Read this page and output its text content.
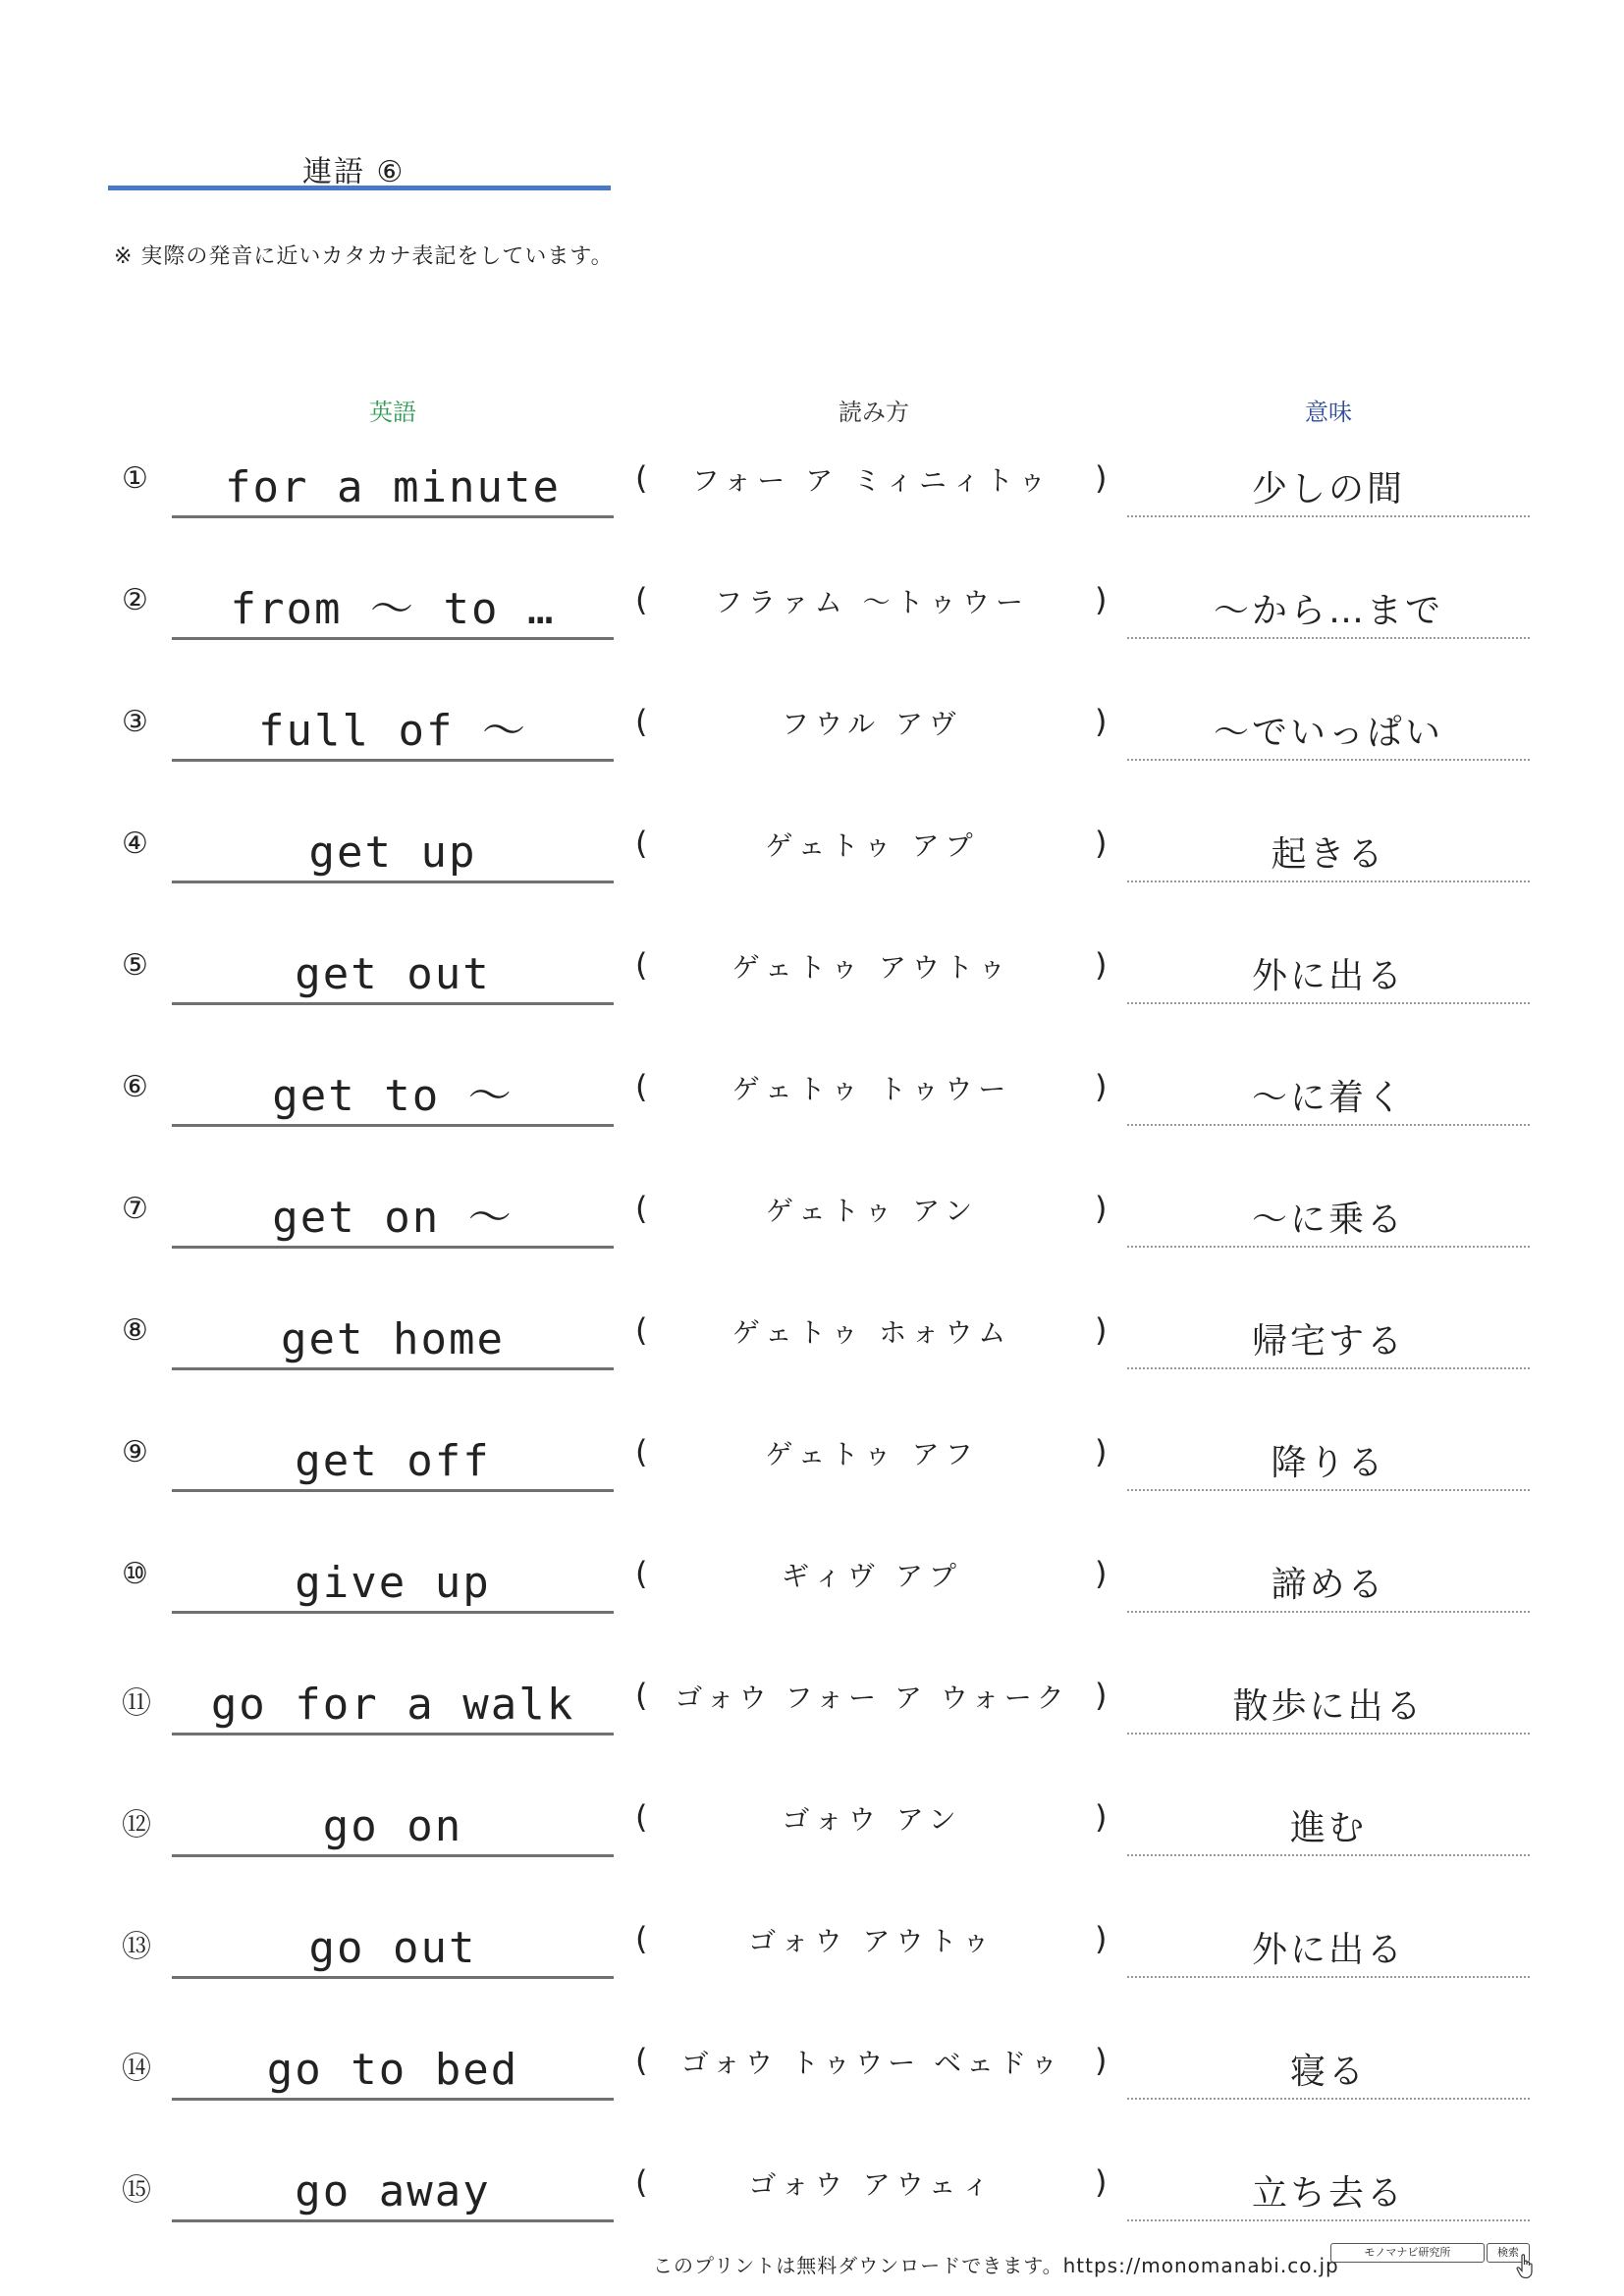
連語 ⑥
※ 実際の発音に近いカタカナ表記をしています。
英語	読み方	意味
①	for a minute	(	フォー ア ミィニィトゥ	)	少しの間
②	from ～ to …	(	フラァム ～トゥウー	)	～から…まで
③	full of ～	(	フウル アヴ	)	～でいっぱい
④	get up	(	ゲェトゥ アプ	)	起きる
⑤	get out	(	ゲェトゥ アウトゥ	)	外に出る
⑥	get to ～	(	ゲェトゥ トゥウー	)	～に着く
⑦	get on ～	(	ゲェトゥ アン	)	～に乗る
⑧	get home	(	ゲェトゥ ホォウム	)	帰宅する
⑨	get off	(	ゲェトゥ アフ	)	降りる
⑩	give up	(	ギィヴ アプ	)	諦める
⑪	go for a walk	( ゴォウ フォー ア ウォーク )	散歩に出る
⑫	go on	(	ゴォウ アン	)	進む
⑬	go out	(	ゴォウ アウトゥ	)	外に出る
⑭	go to bed	(	ゴォウ トゥウー ベェドゥ	)	寝る
⑮	go away	(	ゴォウ アウェィ	)	立ち去る
このプリントは無料ダウンロードできます。https://monomanabi.co.jp
モノマナビ研究所	検索
